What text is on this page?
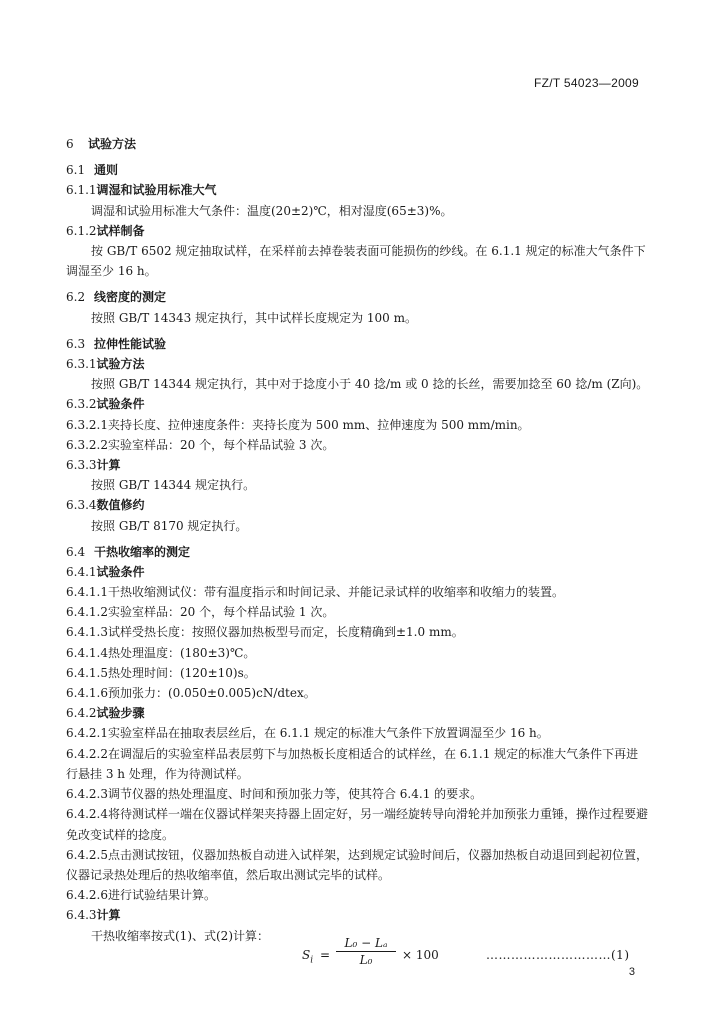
FZ/T 54023—2009
6 试验方法
6.1 通则
6.1.1调湿和试验用标准大气
调湿和试验用标准大气条件：温度(20±2)℃，相对湿度(65±3)%。
6.1.2试样制备
按 GB/T 6502 规定抽取试样，在采样前去掉卷装表面可能损伤的纱线。在 6.1.1 规定的标准大气条件下调湿至少 16 h。
6.2 线密度的测定
按照 GB/T 14343 规定执行，其中试样长度规定为 100 m。
6.3 拉伸性能试验
6.3.1试验方法
按照 GB/T 14344 规定执行，其中对于捻度小于 40 捻/m 或 0 捻的长丝，需要加捻至 60 捻/m (Z向)。
6.3.2试验条件
6.3.2.1夹持长度、拉伸速度条件：夹持长度为 500 mm、拉伸速度为 500 mm/min。
6.3.2.2实验室样品：20 个，每个样品试验 3 次。
6.3.3计算
按照 GB/T 14344 规定执行。
6.3.4数值修约
按照 GB/T 8170 规定执行。
6.4 干热收缩率的测定
6.4.1试验条件
6.4.1.1干热收缩测试仪：带有温度指示和时间记录、并能记录试样的收缩率和收缩力的装置。
6.4.1.2实验室样品：20 个，每个样品试验 1 次。
6.4.1.3试样受热长度：按照仪器加热板型号而定，长度精确到±1.0 mm。
6.4.1.4热处理温度：(180±3)℃。
6.4.1.5热处理时间：(120±10)s。
6.4.1.6预加张力：(0.050±0.005)cN/dtex。
6.4.2试验步骤
6.4.2.1实验室样品在抽取表层丝后，在 6.1.1 规定的标准大气条件下放置调湿至少 16 h。
6.4.2.2在调湿后的实验室样品表层剪下与加热板长度相适合的试样丝，在 6.1.1 规定的标准大气条件下再进行悬挂 3 h 处理，作为待测试样。
6.4.2.3调节仪器的热处理温度、时间和预加张力等，使其符合 6.4.1 的要求。
6.4.2.4将待测试样一端在仪器试样架夹持器上固定好，另一端经旋转导向滑轮并加预张力重锤，操作过程要避免改变试样的捻度。
6.4.2.5点击测试按钮，仪器加热板自动进入试样架，达到规定试验时间后，仪器加热板自动退回到起初位置，仪器记录热处理后的热收缩率值，然后取出测试完毕的试样。
6.4.2.6进行试验结果计算。
6.4.3计算
干热收缩率按式(1)、式(2)计算：
$S_i = \frac{\text{L₀ − Lₐ}}{\text{L₀}} \times 100$	…………………………(1)
3
